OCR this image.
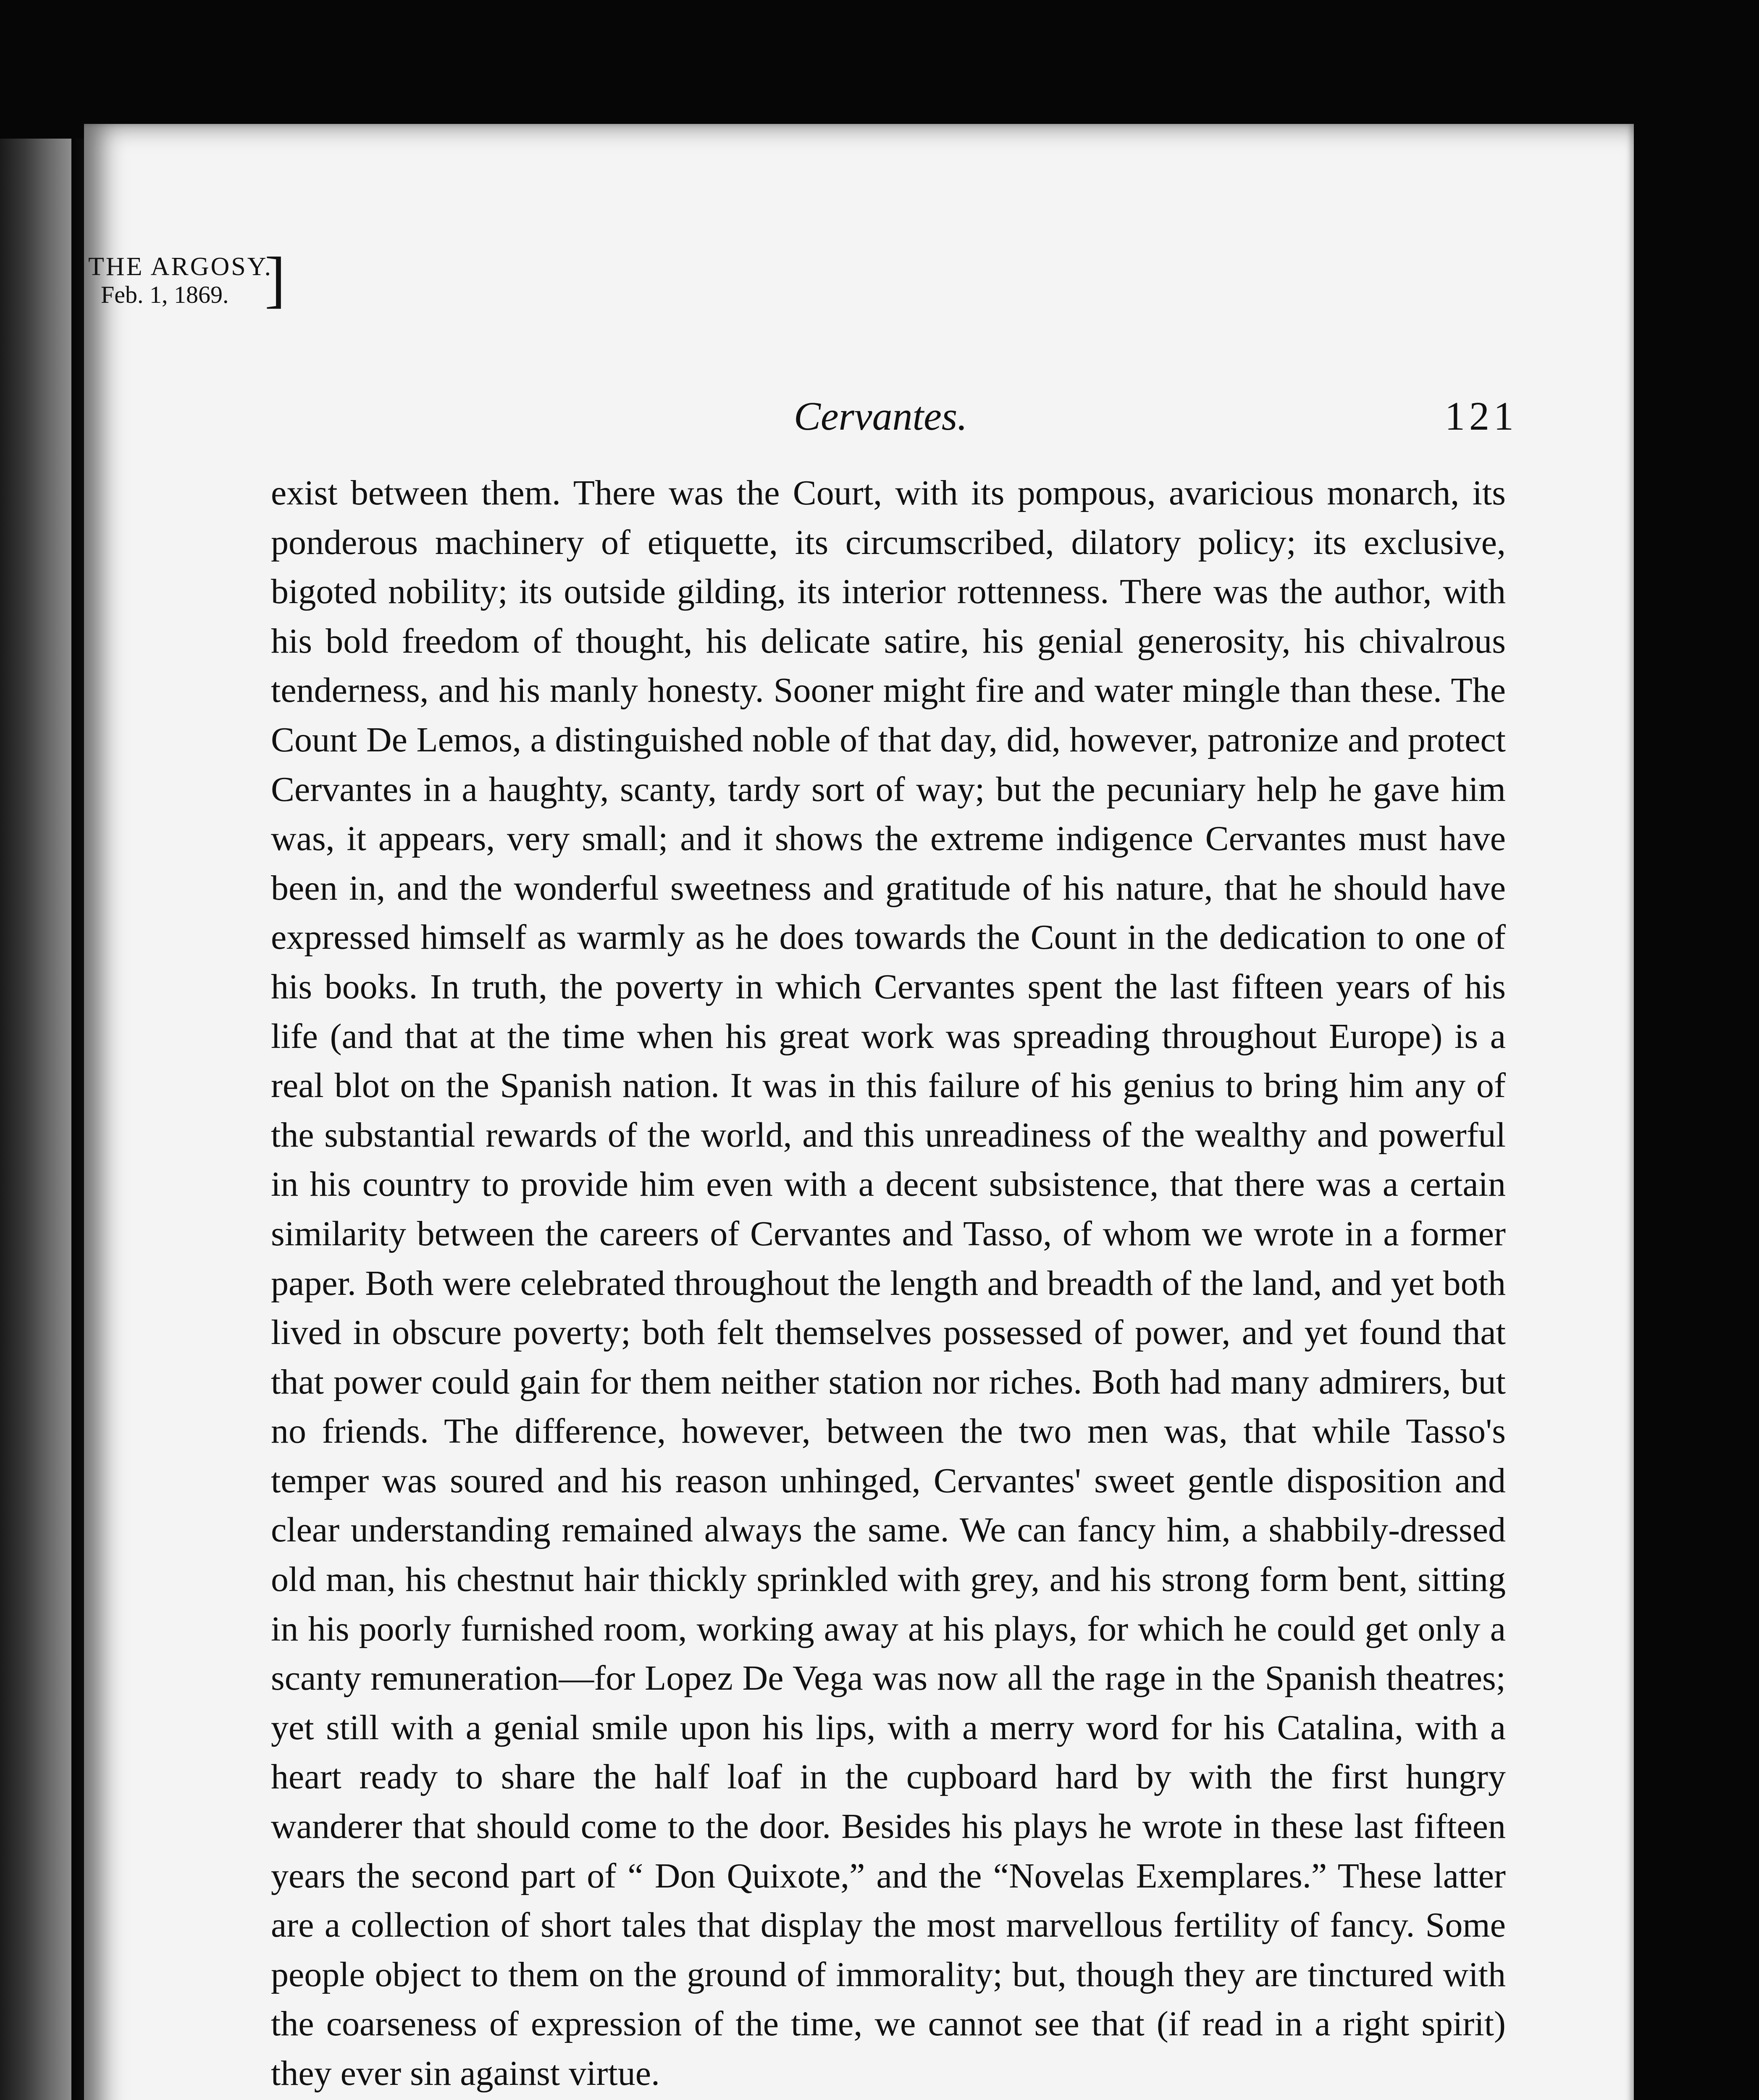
THE ARGOSY.
Feb. 1, 1869. ]
Cervantes.	121

exist between them. There was the Court, with its pompous, avaricious monarch, its ponderous machinery of etiquette, its circumscribed, dilatory policy; its exclusive, bigoted nobility; its outside gilding, its interior rottenness. There was the author, with his bold freedom of thought, his delicate satire, his genial generosity, his chivalrous tenderness, and his manly honesty. Sooner might fire and water mingle than these. The Count De Lemos, a distinguished noble of that day, did, however, patronize and protect Cervantes in a haughty, scanty, tardy sort of way; but the pecuniary help he gave him was, it appears, very small; and it shows the extreme indigence Cervantes must have been in, and the wonderful sweetness and gratitude of his nature, that he should have expressed himself as warmly as he does towards the Count in the dedication to one of his books. In truth, the poverty in which Cervantes spent the last fifteen years of his life (and that at the time when his great work was spreading throughout Europe) is a real blot on the Spanish nation. It was in this failure of his genius to bring him any of the substantial rewards of the world, and this unreadiness of the wealthy and powerful in his country to provide him even with a decent subsistence, that there was a certain similarity between the careers of Cervantes and Tasso, of whom we wrote in a former paper. Both were celebrated throughout the length and breadth of the land, and yet both lived in obscure poverty; both felt themselves possessed of power, and yet found that that power could gain for them neither station nor riches. Both had many admirers, but no friends. The difference, however, between the two men was, that while Tasso's temper was soured and his reason unhinged, Cervantes' sweet gentle disposition and clear understanding remained always the same. We can fancy him, a shabbily-dressed old man, his chestnut hair thickly sprinkled with grey, and his strong form bent, sitting in his poorly furnished room, working away at his plays, for which he could get only a scanty remuneration—for Lopez De Vega was now all the rage in the Spanish theatres; yet still with a genial smile upon his lips, with a merry word for his Catalina, with a heart ready to share the half loaf in the cupboard hard by with the first hungry wanderer that should come to the door. Besides his plays he wrote in these last fifteen years the second part of “ Don Quixote,” and the “Novelas Exemplares.” These latter are a collection of short tales that display the most marvellous fertility of fancy. Some people object to them on the ground of immorality; but, though they are tinctured with the coarseness of expression of the time, we cannot see that (if read in a right spirit) they ever sin against virtue.
